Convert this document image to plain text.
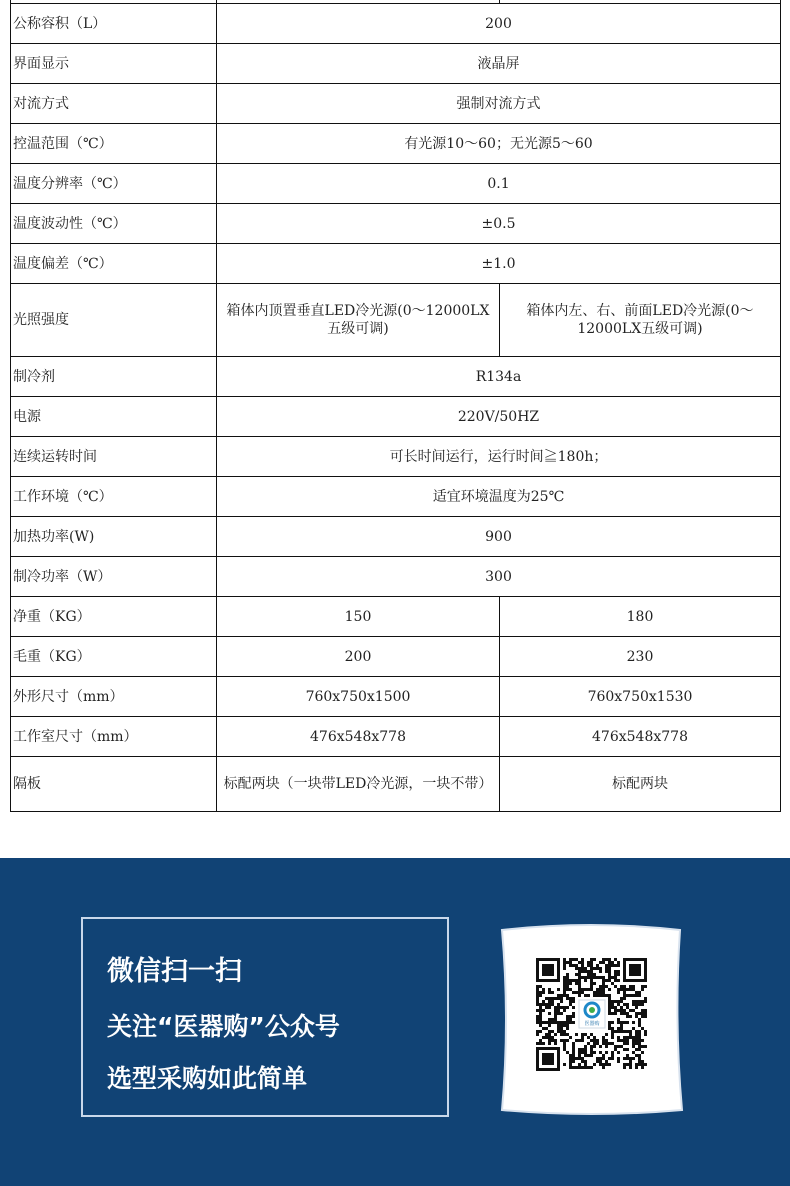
公称容积（L）	200	
界面显示	液晶屏	
对流方式	强制对流方式	
控温范围（℃）	有光源10～60；无光源5～60	
温度分辨率（℃）	0.1	
温度波动性（℃）	±0.5	
温度偏差（℃）	±1.0	
光照强度	箱体内顶置垂直LED冷光源(0～12000LX五级可调)	箱体内左、右、前面LED冷光源(0～12000LX五级可调)
制冷剂	R134a	
电源	220V/50HZ	
连续运转时间	可长时间运行，运行时间≧180h；	
工作环境（℃）	适宜环境温度为25℃	
加热功率(W)	900	
制冷功率（W）	300	
净重（KG）	150	180
毛重（KG）	200	230
外形尺寸（mm）	760x750x1500	760x750x1530
工作室尺寸（mm）	476x548x778	476x548x778
隔板	标配两块（一块带LED冷光源，一块不带）	标配两块
微信扫一扫
关注“医器购”公众号
选型采购如此简单
医器购
